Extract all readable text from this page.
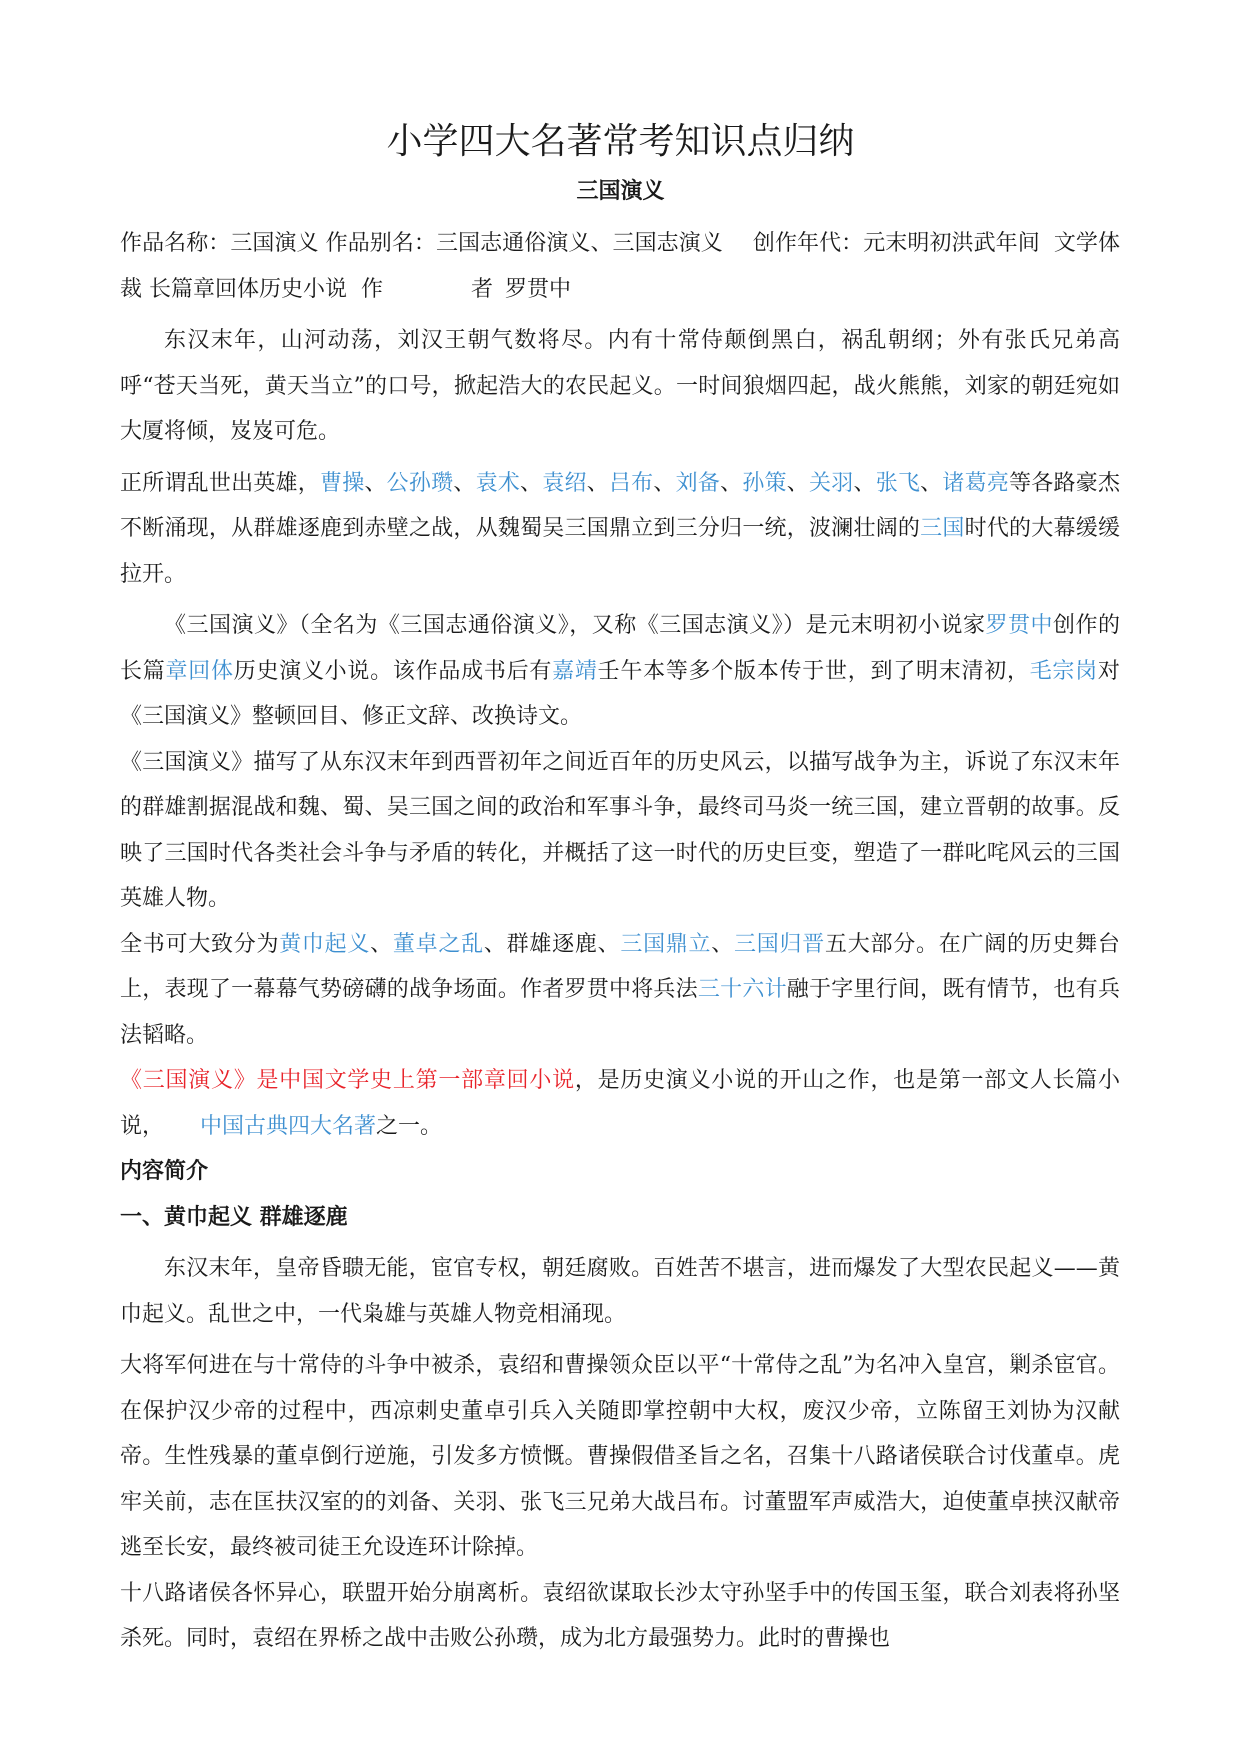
小学四大名著常考知识点归纳
三国演义

作品名称：三国演义 作品别名：三国志通俗演义、三国志演义 创作年代：元末明初洪武年间 文学体裁 长篇章回体历史小说 作	者 罗贯中

东汉末年，山河动荡，刘汉王朝气数将尽。内有十常侍颠倒黑白，祸乱朝纲；外有张氏兄弟高呼“苍天当死，黄天当立”的口号，掀起浩大的农民起义。一时间狼烟四起，战火熊熊，刘家的朝廷宛如大厦将倾，岌岌可危。

正所谓乱世出英雄，曹操、公孙瓒、袁术、袁绍、吕布、刘备、孙策、关羽、张飞、诸葛亮等各路豪杰不断涌现，从群雄逐鹿到赤壁之战，从魏蜀吴三国鼎立到三分归一统，波澜壮阔的三国时代的大幕缓缓拉开。

《三国演义》（全名为《三国志通俗演义》，又称《三国志演义》）是元末明初小说家罗贯中创作的长篇章回体历史演义小说。该作品成书后有嘉靖壬午本等多个版本传于世，到了明末清初，毛宗岗对《三国演义》整顿回目、修正文辞、改换诗文。

《三国演义》描写了从东汉末年到西晋初年之间近百年的历史风云，以描写战争为主，诉说了东汉末年的群雄割据混战和魏、蜀、吴三国之间的政治和军事斗争，最终司马炎一统三国，建立晋朝的故事。反映了三国时代各类社会斗争与矛盾的转化，并概括了这一时代的历史巨变，塑造了一群叱咤风云的三国英雄人物。

全书可大致分为黄巾起义、董卓之乱、群雄逐鹿、三国鼎立、三国归晋五大部分。在广阔的历史舞台上，表现了一幕幕气势磅礴的战争场面。作者罗贯中将兵法三十六计融于字里行间，既有情节，也有兵法韬略。

《三国演义》是中国文学史上第一部章回小说，是历史演义小说的开山之作，也是第一部文人长篇小说， 中国古典四大名著之一。

内容简介

一、黄巾起义 群雄逐鹿

东汉末年，皇帝昏聩无能，宦官专权，朝廷腐败。百姓苦不堪言，进而爆发了大型农民起义——黄巾起义。乱世之中，一代枭雄与英雄人物竞相涌现。

大将军何进在与十常侍的斗争中被杀，袁绍和曹操领众臣以平“十常侍之乱”为名冲入皇宫，剿杀宦官。在保护汉少帝的过程中，西凉刺史董卓引兵入关随即掌控朝中大权，废汉少帝，立陈留王刘协为汉献帝。生性残暴的董卓倒行逆施，引发多方愤慨。曹操假借圣旨之名，召集十八路诸侯联合讨伐董卓。虎牢关前，志在匡扶汉室的的刘备、关羽、张飞三兄弟大战吕布。讨董盟军声威浩大，迫使董卓挟汉献帝逃至长安，最终被司徒王允设连环计除掉。

十八路诸侯各怀异心，联盟开始分崩离析。袁绍欲谋取长沙太守孙坚手中的传国玉玺，联合刘表将孙坚杀死。同时，袁绍在界桥之战中击败公孙瓒，成为北方最强势力。此时的曹操也
